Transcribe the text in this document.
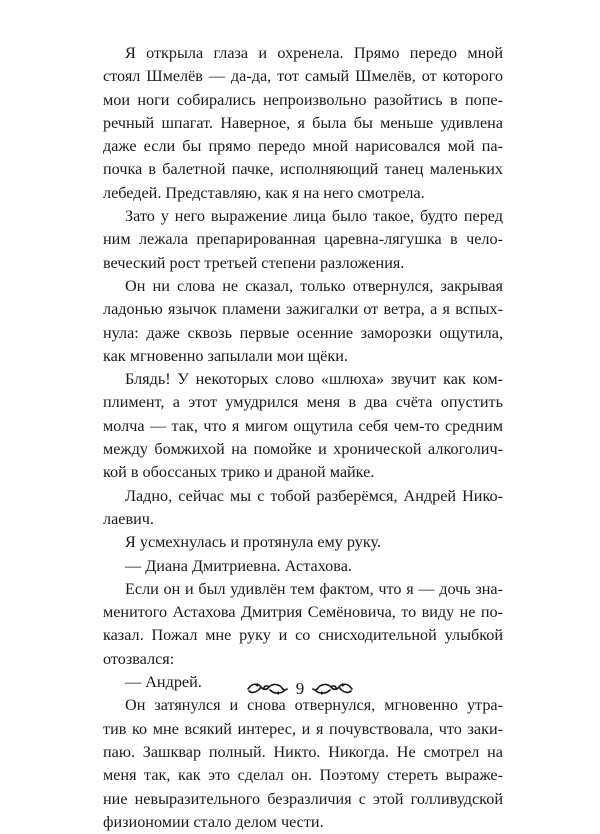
Я открыла глаза и охренела. Прямо передо мной
стоял Шмелёв — да-да, тот самый Шмелёв, от которого
мои ноги собирались непроизвольно разойтись в попе-
речный шпагат. Наверное, я была бы меньше удивлена
даже если бы прямо передо мной нарисовался мой па-
почка в балетной пачке, исполняющий танец маленьких
лебедей. Представляю, как я на него смотрела.
Зато у него выражение лица было такое, будто перед
ним лежала препарированная царевна-лягушка в чело-
веческий рост третьей степени разложения.
Он ни слова не сказал, только отвернулся, закрывая
ладонью язычок пламени зажигалки от ветра, а я вспых-
нула: даже сквозь первые осенние заморозки ощутила,
как мгновенно запылали мои щёки.
Блядь! У некоторых слово «шлюха» звучит как ком-
плимент, а этот умудрился меня в два счёта опустить
молча — так, что я мигом ощутила себя чем-то средним
между бомжихой на помойке и хронической алкоголич-
кой в обоссаных трико и драной майке.
Ладно, сейчас мы с тобой разберёмся, Андрей Нико-
лаевич.
Я усмехнулась и протянула ему руку.
— Диана Дмитриевна. Астахова.
Если он и был удивлён тем фактом, что я — дочь зна-
менитого Астахова Дмитрия Семёновича, то виду не по-
казал. Пожал мне руку и со снисходительной улыбкой
отозвался:
— Андрей.
Он затянулся и снова отвернулся, мгновенно утра-
тив ко мне всякий интерес, и я почувствовала, что заки-
паю. Зашквар полный. Никто. Никогда. Не смотрел на
меня так, как это сделал он. Поэтому стереть выраже-
ние невыразительного безразличия с этой голливудской
физиономии стало делом чести.
9
